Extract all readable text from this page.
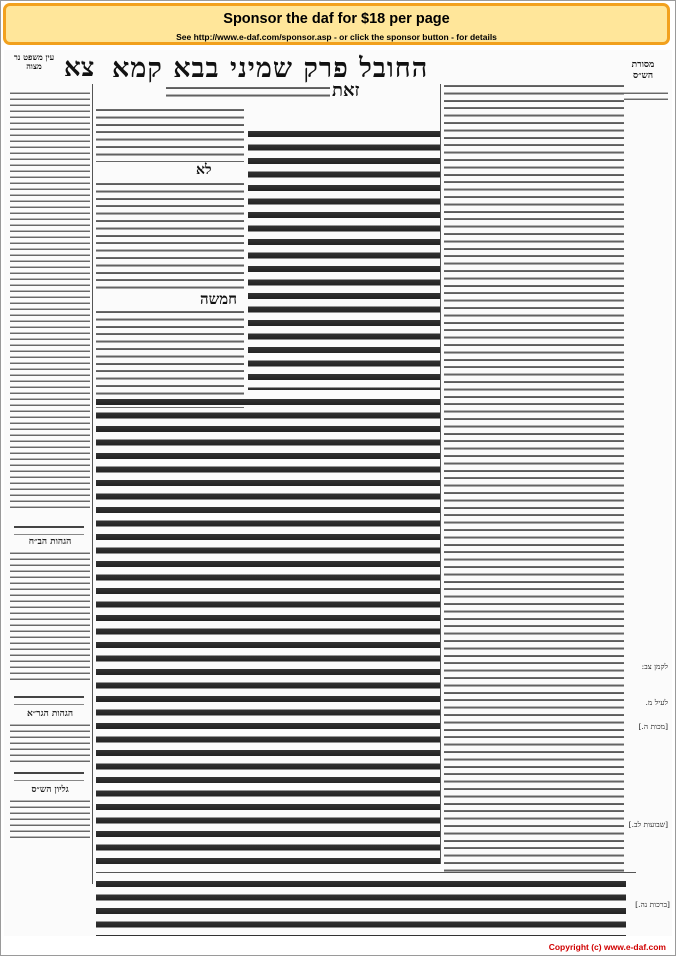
Sponsor the daf for $18 per page
See http://www.e-daf.com/sponsor.asp - or click the sponsor button - for details
מסורת הש״ס
החובל פרק שמיני בבא קמא
צא
עין משפט נר מצוה
לקמן צב:
לעיל מ.
[שבועות לב.]
[מכות ה.]
[ברכות נה.]
זאת
לא
חמשה
הגהות הב״ח
הגהות הגר״א
גליון הש״ס
Copyright (c) www.e-daf.com
